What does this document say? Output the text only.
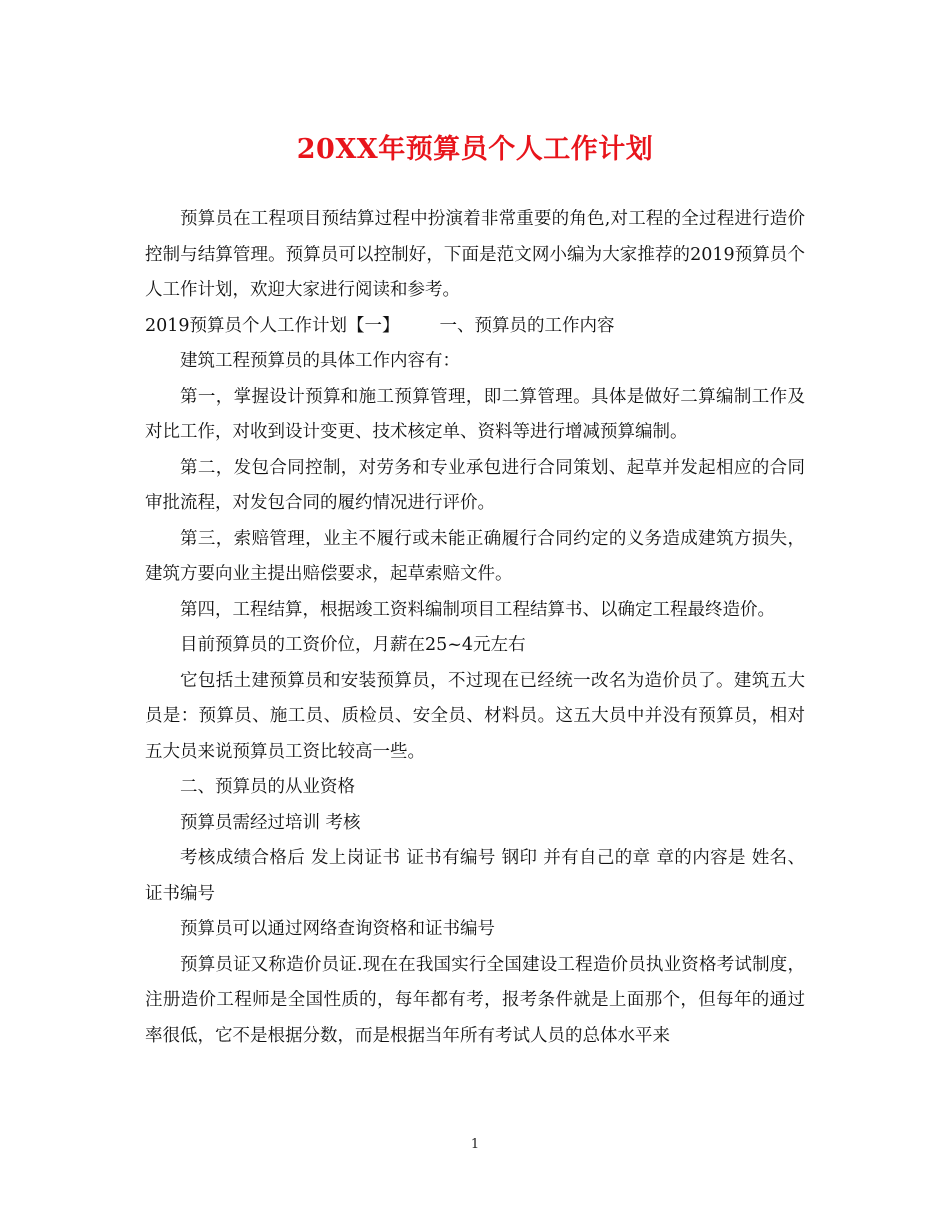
20XX年预算员个人工作计划

预算员在工程项目预结算过程中扮演着非常重要的角色,对工程的全过程进行造价控制与结算管理。预算员可以控制好，下面是范文网小编为大家推荐的2019预算员个人工作计划，欢迎大家进行阅读和参考。

2019预算员个人工作计划【一】 一、预算员的工作内容

建筑工程预算员的具体工作内容有：

第一，掌握设计预算和施工预算管理，即二算管理。具体是做好二算编制工作及对比工作，对收到设计变更、技术核定单、资料等进行增减预算编制。

第二，发包合同控制，对劳务和专业承包进行合同策划、起草并发起相应的合同审批流程，对发包合同的履约情况进行评价。

第三，索赔管理，业主不履行或未能正确履行合同约定的义务造成建筑方损失，建筑方要向业主提出赔偿要求，起草索赔文件。

第四，工程结算，根据竣工资料编制项目工程结算书、以确定工程最终造价。

目前预算员的工资价位，月薪在25~4元左右

它包括土建预算员和安装预算员，不过现在已经统一改名为造价员了。建筑五大员是：预算员、施工员、质检员、安全员、材料员。这五大员中并没有预算员，相对五大员来说预算员工资比较高一些。

二、预算员的从业资格

预算员需经过培训 考核

考核成绩合格后 发上岗证书 证书有编号 钢印 并有自己的章 章的内容是 姓名、证书编号

预算员可以通过网络查询资格和证书编号

预算员证又称造价员证.现在在我国实行全国建设工程造价员执业资格考试制度，注册造价工程师是全国性质的，每年都有考，报考条件就是上面那个，但每年的通过率很低，它不是根据分数，而是根据当年所有考试人员的总体水平来

1
